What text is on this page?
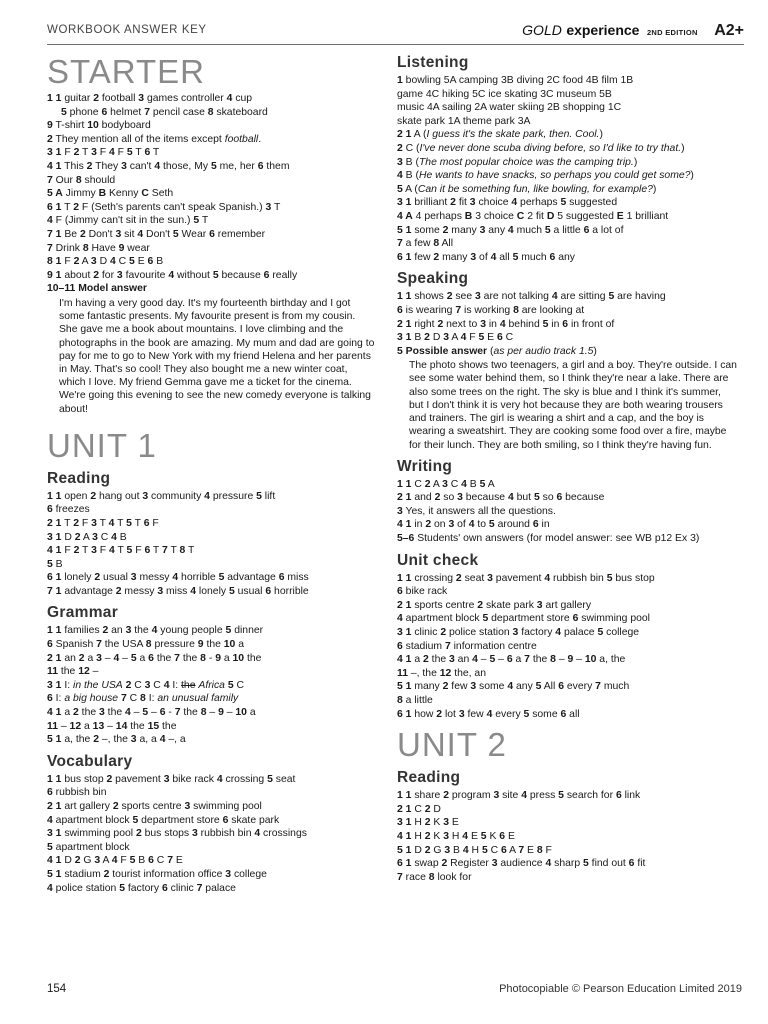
WORKBOOK ANSWER KEY	GOLD experience 2ND EDITION A2+
STARTER
1 1 guitar 2 football 3 games controller 4 cup
5 phone 6 helmet 7 pencil case 8 skateboard
9 T-shirt 10 bodyboard
2 They mention all of the items except football.
3 1 F 2 T 3 F 4 F 5 T 6 T
4 1 This 2 They 3 can't 4 those, My 5 me, her 6 them
7 Our 8 should
5 A Jimmy B Kenny C Seth
6 1 T 2 F (Seth's parents can't speak Spanish.) 3 T
4 F (Jimmy can't sit in the sun.) 5 T
7 1 Be 2 Don't 3 sit 4 Don't 5 Wear 6 remember
7 Drink 8 Have 9 wear
8 1 F 2 A 3 D 4 C 5 E 6 B
9 1 about 2 for 3 favourite 4 without 5 because 6 really
10–11 Model answer
I'm having a very good day. It's my fourteenth birthday and I got some fantastic presents. My favourite present is from my cousin. She gave me a book about mountains. I love climbing and the photographs in the book are amazing. My mum and dad are going to pay for me to go to New York with my friend Helena and her parents in May. That's so cool! They also bought me a new winter coat, which I love. My friend Gemma gave me a ticket for the cinema. We're going this evening to see the new comedy everyone is talking about!
UNIT 1
Reading
1 1 open 2 hang out 3 community 4 pressure 5 lift
6 freezes
2 1 T 2 F 3 T 4 T 5 T 6 F
3 1 D 2 A 3 C 4 B
4 1 F 2 T 3 F 4 T 5 F 6 T 7 T 8 T
5 B
6 1 lonely 2 usual 3 messy 4 horrible 5 advantage 6 miss
7 1 advantage 2 messy 3 miss 4 lonely 5 usual 6 horrible
Grammar
1 1 families 2 an 3 the 4 young people 5 dinner
6 Spanish 7 the USA 8 pressure 9 the 10 a
2 1 an 2 a 3 – 4 – 5 a 6 the 7 the 8 - 9 a 10 the
11 the 12 –
3 1 I: in the USA 2 C 3 C 4 I: the Africa 5 C
6 I: a big house 7 C 8 I: an unusual family
4 1 a 2 the 3 the 4 – 5 – 6 - 7 the 8 – 9 – 10 a
11 – 12 a 13 – 14 the 15 the
5 1 a, the 2 –, the 3 a, a 4 –, a
Vocabulary
1 1 bus stop 2 pavement 3 bike rack 4 crossing 5 seat
6 rubbish bin
2 1 art gallery 2 sports centre 3 swimming pool
4 apartment block 5 department store 6 skate park
3 1 swimming pool 2 bus stops 3 rubbish bin 4 crossings
5 apartment block
4 1 D 2 G 3 A 4 F 5 B 6 C 7 E
5 1 stadium 2 tourist information office 3 college
4 police station 5 factory 6 clinic 7 palace
Listening
1 bowling 5A camping 3B diving 2C food 4B film 1B
game 4C hiking 5C ice skating 3C museum 5B
music 4A sailing 2A water skiing 2B shopping 1C
skate park 1A theme park 3A
2 1 A (I guess it's the skate park, then. Cool.)
2 C (I've never done scuba diving before, so I'd like to try that.)
3 B (The most popular choice was the camping trip.)
4 B (He wants to have snacks, so perhaps you could get some?)
5 A (Can it be something fun, like bowling, for example?)
3 1 brilliant 2 fit 3 choice 4 perhaps 5 suggested
4 A 4 perhaps B 3 choice C 2 fit D 5 suggested E 1 brilliant
5 1 some 2 many 3 any 4 much 5 a little 6 a lot of
7 a few 8 All
6 1 few 2 many 3 of 4 all 5 much 6 any
Speaking
1 1 shows 2 see 3 are not talking 4 are sitting 5 are having
6 is wearing 7 is working 8 are looking at
2 1 right 2 next to 3 in 4 behind 5 in 6 in front of
3 1 B 2 D 3 A 4 F 5 E 6 C
5 Possible answer (as per audio track 1.5)
The photo shows two teenagers, a girl and a boy. They're outside. I can see some water behind them, so I think they're near a lake. There are also some trees on the right. The sky is blue and I think it's summer, but I don't think it is very hot because they are both wearing trousers and trainers. The girl is wearing a shirt and a cap, and the boy is wearing a sweatshirt. They are cooking some food over a fire, maybe for their lunch. They are both smiling, so I think they're having fun.
Writing
1 1 C 2 A 3 C 4 B 5 A
2 1 and 2 so 3 because 4 but 5 so 6 because
3 Yes, it answers all the questions.
4 1 in 2 on 3 of 4 to 5 around 6 in
5–6 Students' own answers (for model answer: see WB p12 Ex 3)
Unit check
1 1 crossing 2 seat 3 pavement 4 rubbish bin 5 bus stop
6 bike rack
2 1 sports centre 2 skate park 3 art gallery
4 apartment block 5 department store 6 swimming pool
3 1 clinic 2 police station 3 factory 4 palace 5 college
6 stadium 7 information centre
4 1 a 2 the 3 an 4 – 5 – 6 a 7 the 8 – 9 – 10 a, the
11 –, the 12 the, an
5 1 many 2 few 3 some 4 any 5 All 6 every 7 much
8 a little
6 1 how 2 lot 3 few 4 every 5 some 6 all
UNIT 2
Reading
1 1 share 2 program 3 site 4 press 5 search for 6 link
2 1 C 2 D
3 1 H 2 K 3 E
4 1 H 2 K 3 H 4 E 5 K 6 E
5 1 D 2 G 3 B 4 H 5 C 6 A 7 E 8 F
6 1 swap 2 Register 3 audience 4 sharp 5 find out 6 fit
7 race 8 look for
154	Photocopiable © Pearson Education Limited 2019
